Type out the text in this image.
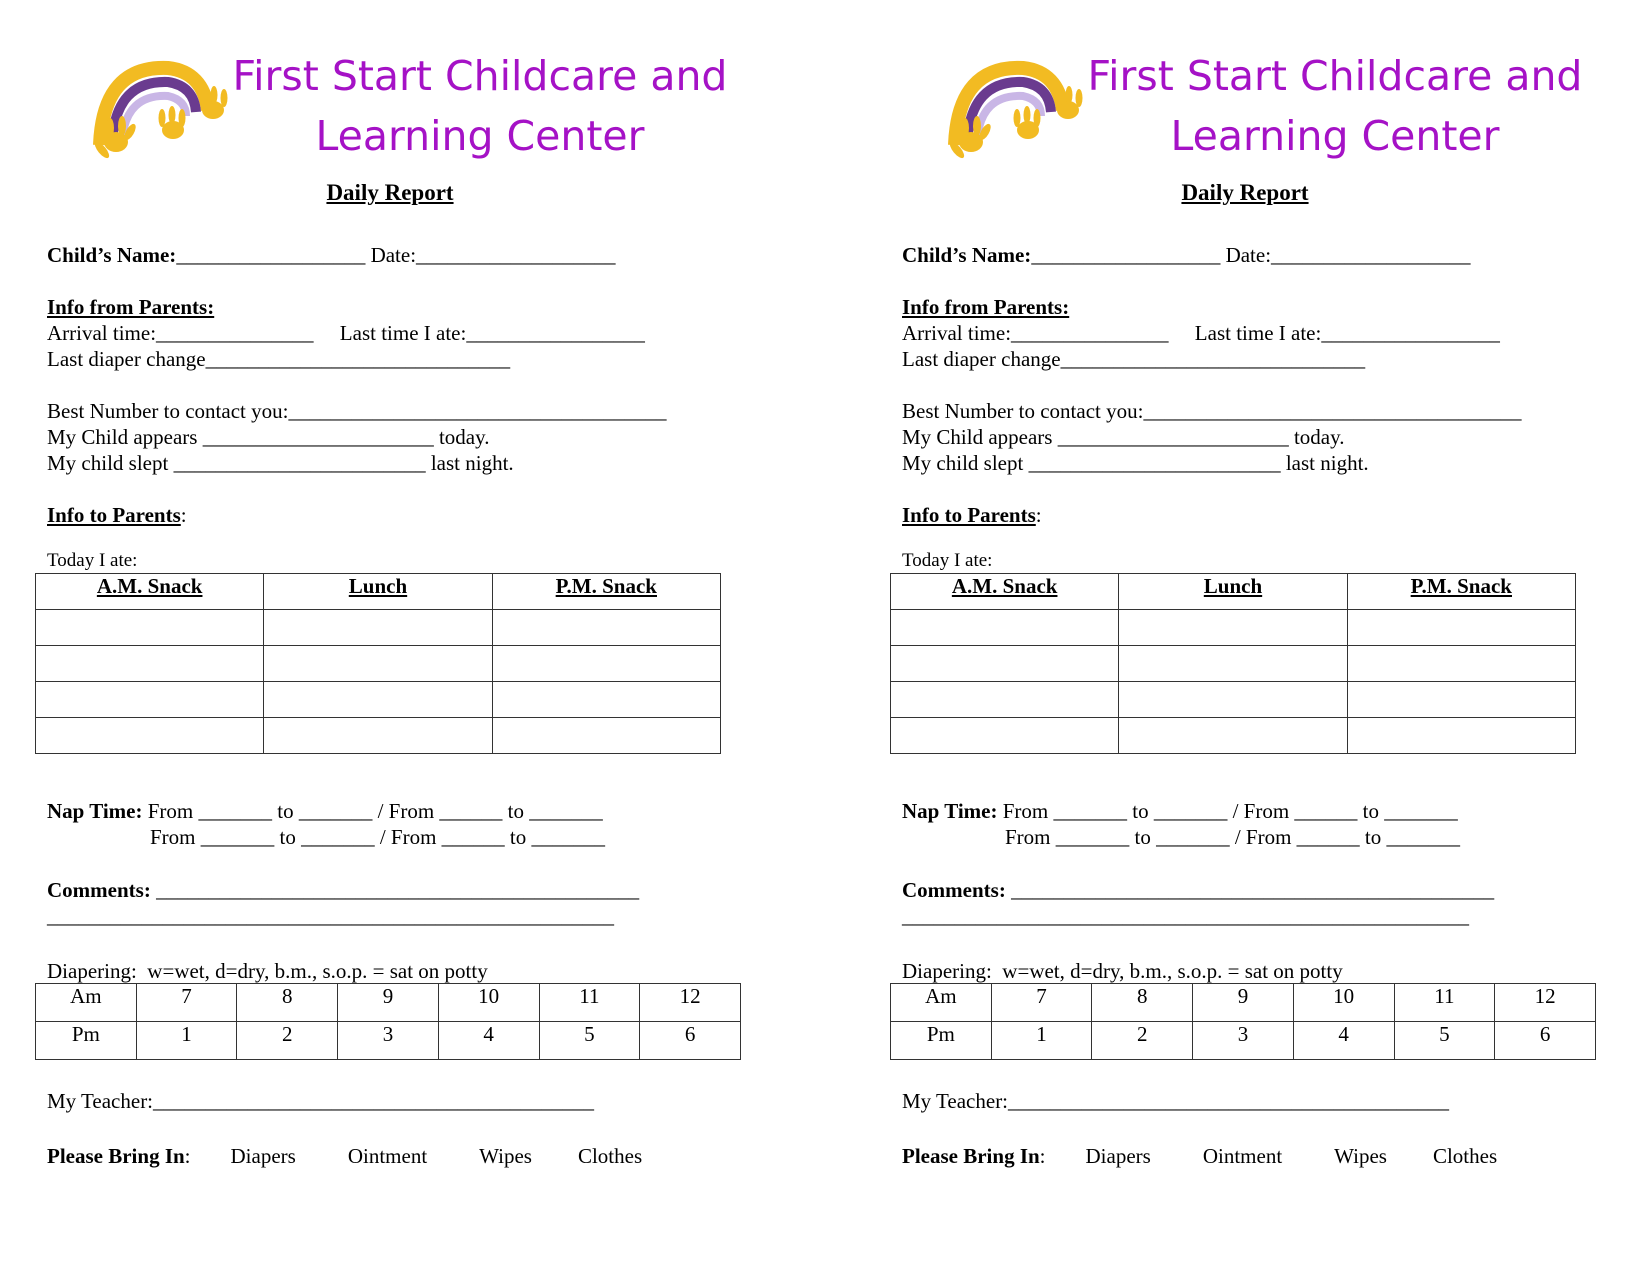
First Start Childcare and
Learning Center
Daily Report
Child’s Name:__________________ Date:___________________
Info from Parents:
Arrival time:_______________     Last time I ate:_________________
Last diaper change_____________________________
Best Number to contact you:____________________________________
My Child appears ______________________ today.
My child slept ________________________ last night.
Info to Parents:
Today I ate:
A.M. Snack	Lunch	P.M. Snack

Nap Time: From _______ to _______ / From ______ to _______
From _______ to _______ / From ______ to _______
Comments: ______________________________________________
______________________________________________________
Diapering:  w=wet, d=dry, b.m., s.o.p. = sat on potty
Am	7	8	9	10	11	12
Pm	1	2	3	4	5	6
My Teacher:__________________________________________
Please Bring In: Diapers Ointment Wipes Clothes
First Start Childcare and
Learning Center
Daily Report
Child’s Name:__________________ Date:___________________
Info from Parents:
Arrival time:_______________     Last time I ate:_________________
Last diaper change_____________________________
Best Number to contact you:____________________________________
My Child appears ______________________ today.
My child slept ________________________ last night.
Info to Parents:
Today I ate:
A.M. Snack	Lunch	P.M. Snack

Nap Time: From _______ to _______ / From ______ to _______
From _______ to _______ / From ______ to _______
Comments: ______________________________________________
______________________________________________________
Diapering:  w=wet, d=dry, b.m., s.o.p. = sat on potty
Am	7	8	9	10	11	12
Pm	1	2	3	4	5	6
My Teacher:__________________________________________
Please Bring In: Diapers Ointment Wipes Clothes
